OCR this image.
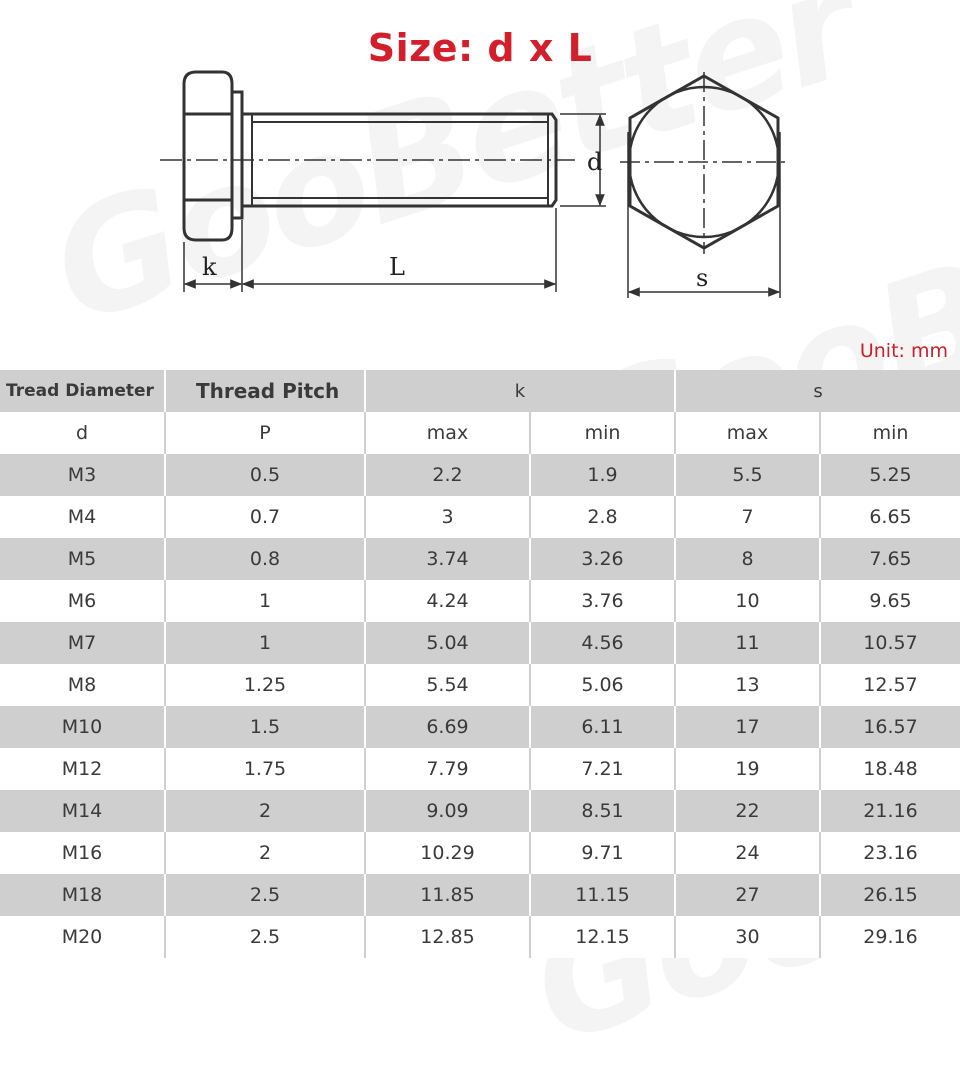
Size: d x L
k	L
d
s
Unit: mm
Tread Diameter	Thread Pitch	k		s	
d	P	max	min	max	min
M3	0.5	2.2	1.9	5.5	5.25
M4	0.7	3	2.8	7	6.65
M5	0.8	3.74	3.26	8	7.65
M6	1	4.24	3.76	10	9.65
M7	1	5.04	4.56	11	10.57
M8	1.25	5.54	5.06	13	12.57
M10	1.5	6.69	6.11	17	16.57
M12	1.75	7.79	7.21	19	18.48
M14	2	9.09	8.51	22	21.16
M16	2	10.29	9.71	24	23.16
M18	2.5	11.85	11.15	27	26.15
M20	2.5	12.85	12.15	30	29.16
